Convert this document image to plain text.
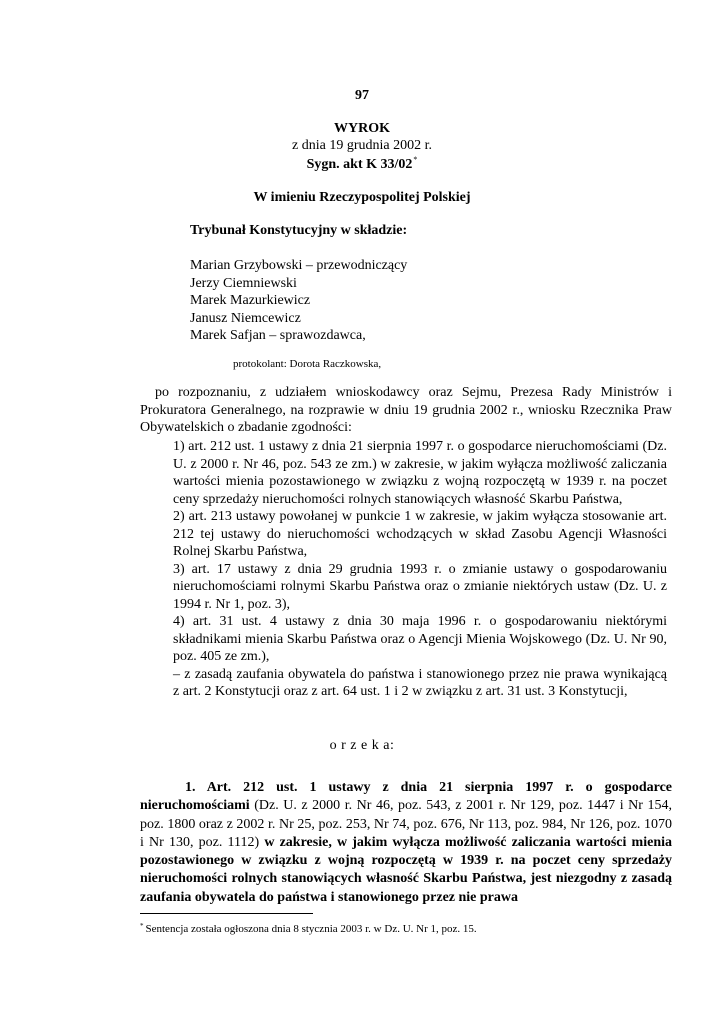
97
WYROK
z dnia 19 grudnia 2002 r.
Sygn. akt K 33/02*
W imieniu Rzeczypospolitej Polskiej
Trybunał Konstytucyjny w składzie:
Marian Grzybowski – przewodniczący
Jerzy Ciemniewski
Marek Mazurkiewicz
Janusz Niemcewicz
Marek Safjan – sprawozdawca,
protokolant: Dorota Raczkowska,
po rozpoznaniu, z udziałem wnioskodawcy oraz Sejmu, Prezesa Rady Ministrów i Prokuratora Generalnego, na rozprawie w dniu 19 grudnia 2002 r., wniosku Rzecznika Praw Obywatelskich o zbadanie zgodności:
1) art. 212 ust. 1 ustawy z dnia 21 sierpnia 1997 r. o gospodarce nieruchomościami (Dz. U. z 2000 r. Nr 46, poz. 543 ze zm.) w zakresie, w jakim wyłącza możliwość zaliczania wartości mienia pozostawionego w związku z wojną rozpoczętą w 1939 r. na poczet ceny sprzedaży nieruchomości rolnych stanowiących własność Skarbu Państwa,
2) art. 213 ustawy powołanej w punkcie 1 w zakresie, w jakim wyłącza stosowanie art. 212 tej ustawy do nieruchomości wchodzących w skład Zasobu Agencji Własności Rolnej Skarbu Państwa,
3) art. 17 ustawy z dnia 29 grudnia 1993 r. o zmianie ustawy o gospodarowaniu nieruchomościami rolnymi Skarbu Państwa oraz o zmianie niektórych ustaw (Dz. U. z 1994 r. Nr 1, poz. 3),
4) art. 31 ust. 4 ustawy z dnia 30 maja 1996 r. o gospodarowaniu niektórymi składnikami mienia Skarbu Państwa oraz o Agencji Mienia Wojskowego (Dz. U. Nr 90, poz. 405 ze zm.),
– z zasadą zaufania obywatela do państwa i stanowionego przez nie prawa wynikającą z art. 2 Konstytucji oraz z art. 64 ust. 1 i 2 w związku z art. 31 ust. 3 Konstytucji,
o r z e k a:
1. Art. 212 ust. 1 ustawy z dnia 21 sierpnia 1997 r. o gospodarce nieruchomościami (Dz. U. z 2000 r. Nr 46, poz. 543, z 2001 r. Nr 129, poz. 1447 i Nr 154, poz. 1800 oraz z 2002 r. Nr 25, poz. 253, Nr 74, poz. 676, Nr 113, poz. 984, Nr 126, poz. 1070 i Nr 130, poz. 1112) w zakresie, w jakim wyłącza możliwość zaliczania wartości mienia pozostawionego w związku z wojną rozpoczętą w 1939 r. na poczet ceny sprzedaży nieruchomości rolnych stanowiących własność Skarbu Państwa, jest niezgodny z zasadą zaufania obywatela do państwa i stanowionego przez nie prawa
* Sentencja została ogłoszona dnia 8 stycznia 2003 r. w Dz. U. Nr 1, poz. 15.
